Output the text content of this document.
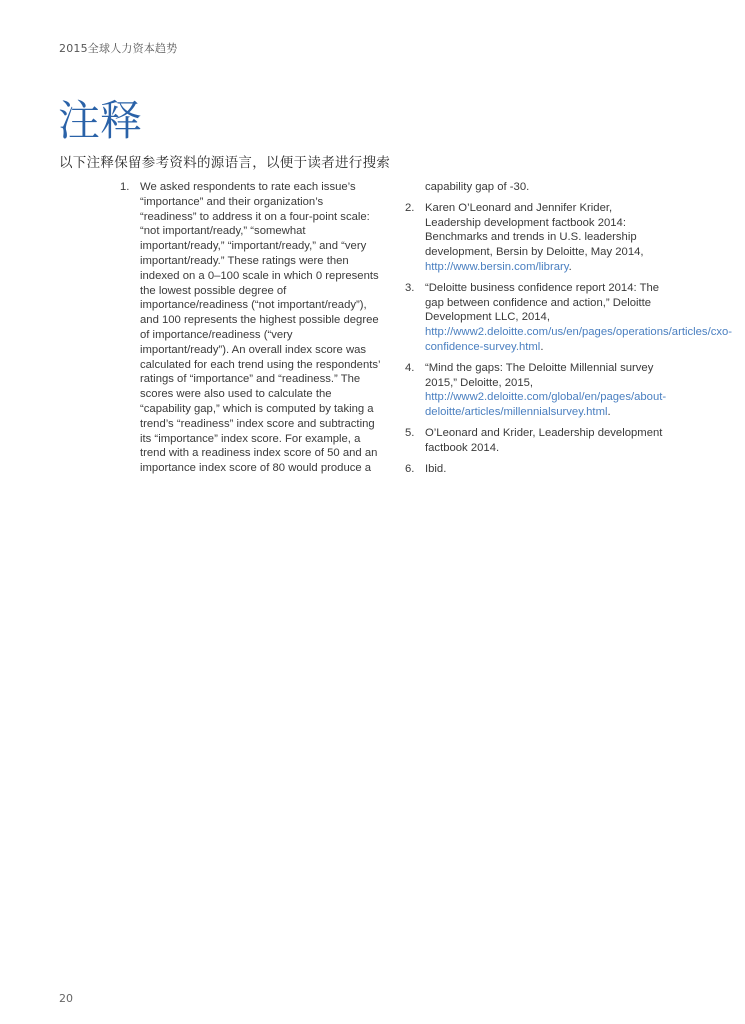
2015全球人力资本趋势
注释
以下注释保留参考资料的源语言，以便于读者进行搜索
1. We asked respondents to rate each issue’s “importance” and their organization’s “readiness” to address it on a four-point scale: “not important/ready,” “somewhat important/ready,” “important/ready,” and “very important/ready.” These ratings were then indexed on a 0–100 scale in which 0 represents the lowest possible degree of importance/readiness (“not important/ready”), and 100 represents the highest possible degree of importance/readiness (“very important/ready”). An overall index score was calculated for each trend using the respondents’ ratings of “importance” and “readiness.” The scores were also used to calculate the “capability gap,” which is computed by taking a trend’s “readiness” index score and subtracting its “importance” index score. For example, a trend with a readiness index score of 50 and an importance index score of 80 would produce a
capability gap of -30.
2. Karen O’Leonard and Jennifer Krider, Leadership development factbook 2014: Benchmarks and trends in U.S. leadership development, Bersin by Deloitte, May 2014, http://www.bersin.com/library.
3. “Deloitte business confidence report 2014: The gap between confidence and action,” Deloitte Development LLC, 2014, http://www2.deloitte.com/us/en/pages/operations/articles/cxo-confidence-survey.html.
4. “Mind the gaps: The Deloitte Millennial survey 2015,” Deloitte, 2015, http://www2.deloitte.com/global/en/pages/about-deloitte/articles/millennialsurvey.html.
5. O’Leonard and Krider, Leadership development factbook 2014.
6. Ibid.
20
